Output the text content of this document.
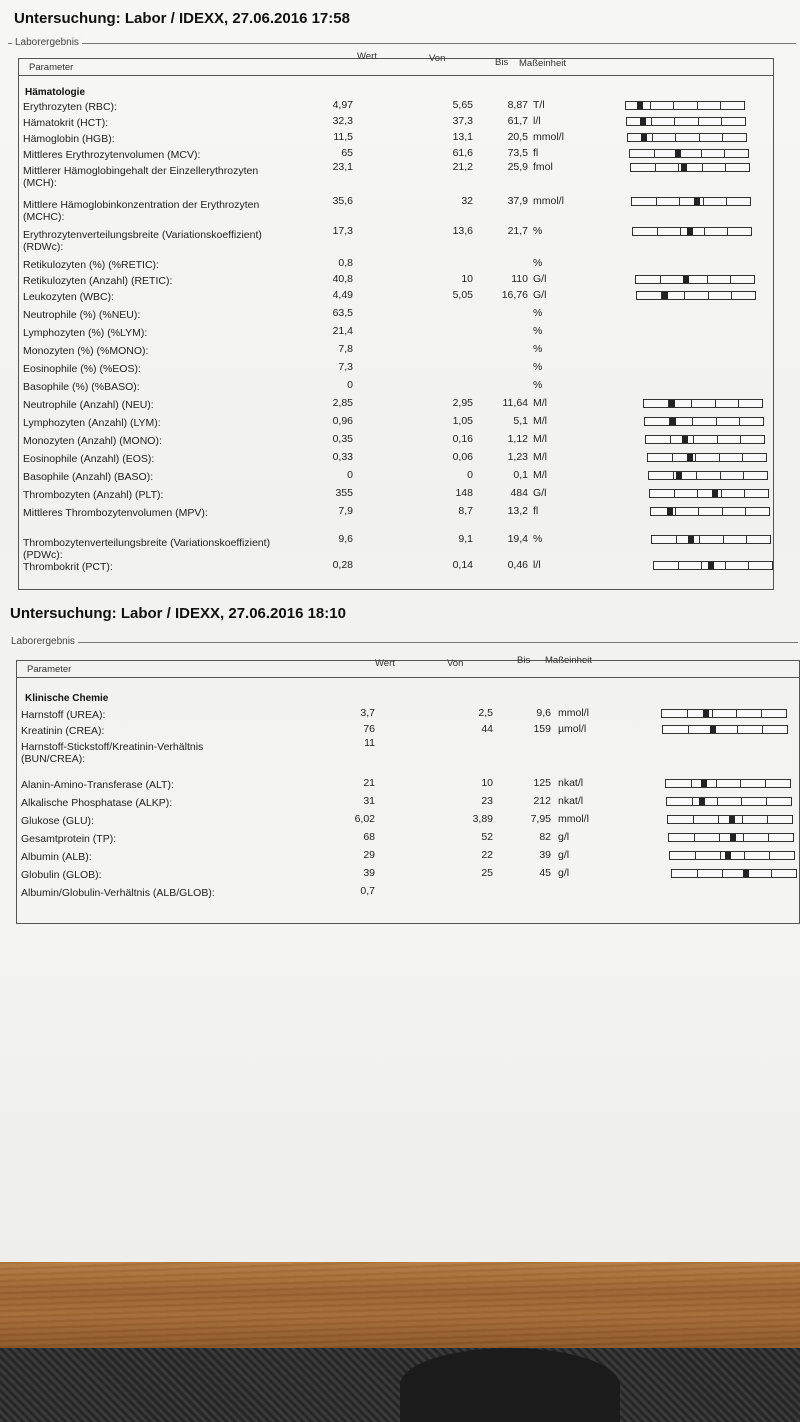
Untersuchung: Labor / IDEXX, 27.06.2016 17:58
Laborergebnis
Parameter
Wert	Von	Bis Maßeinheit
Hämatologie
Erythrozyten (RBC):	4,97	5,65	8,87 T/l
Hämatokrit (HCT):	32,3	37,3	61,7 l/l
Hämoglobin (HGB):	11,5	13,1	20,5 mmol/l
Mittleres Erythrozytenvolumen (MCV):	65	61,6	73,5 fl
Mittlerer Hämoglobingehalt der Einzellerythrozyten (MCH):
23,1	21,2	25,9 fmol
Mittlere Hämoglobinkonzentration der Erythrozyten (MCHC):
35,6	32	37,9 mmol/l
Erythrozytenverteilungsbreite (Variationskoeffizient) (RDWc):
17,3	13,6	21,7 %
Retikulozyten (%) (%RETIC):	0,8	%
Retikulozyten (Anzahl) (RETIC):	40,8	10	110 G/l
Leukozyten (WBC):	4,49	5,05	16,76 G/l
Neutrophile (%) (%NEU):	63,5	%
Lymphozyten (%) (%LYM):	21,4	%
Monozyten (%) (%MONO):	7,8	%
Eosinophile (%) (%EOS):	7,3	%
Basophile (%) (%BASO):	0	%
Neutrophile (Anzahl) (NEU):	2,85	2,95	11,64 M/l
Lymphozyten (Anzahl) (LYM):	0,96	1,05	5,1 M/l
Monozyten (Anzahl) (MONO):	0,35	0,16	1,12 M/l
Eosinophile (Anzahl) (EOS):	0,33	0,06	1,23 M/l
Basophile (Anzahl) (BASO):	0	0	0,1 M/l
Thrombozyten (Anzahl) (PLT):	355	148	484 G/l
Mittleres Thrombozytenvolumen (MPV):	7,9	8,7	13,2 fl
Thrombozytenverteilungsbreite (Variationskoeffizient) (PDWc):
9,6	9,1	19,4 %
Thrombokrit (PCT):	0,28	0,14	0,46 l/l
Untersuchung: Labor / IDEXX, 27.06.2016 18:10
Laborergebnis
Parameter
Wert	Von	Bis Maßeinheit
Klinische Chemie
Harnstoff (UREA):	3,7	2,5	9,6 mmol/l
Kreatinin (CREA):	76	44	159 µmol/l
Harnstoff-Stickstoff/Kreatinin-Verhältnis (BUN/CREA):
11
Alanin-Amino-Transferase (ALT):	21	10	125 nkat/l
Alkalische Phosphatase (ALKP):	31	23	212 nkat/l
Glukose (GLU):	6,02	3,89	7,95 mmol/l
Gesamtprotein (TP):	68	52	82 g/l
Albumin (ALB):	29	22	39 g/l
Globulin (GLOB):	39	25	45 g/l
Albumin/Globulin-Verhältnis (ALB/GLOB):	0,7
